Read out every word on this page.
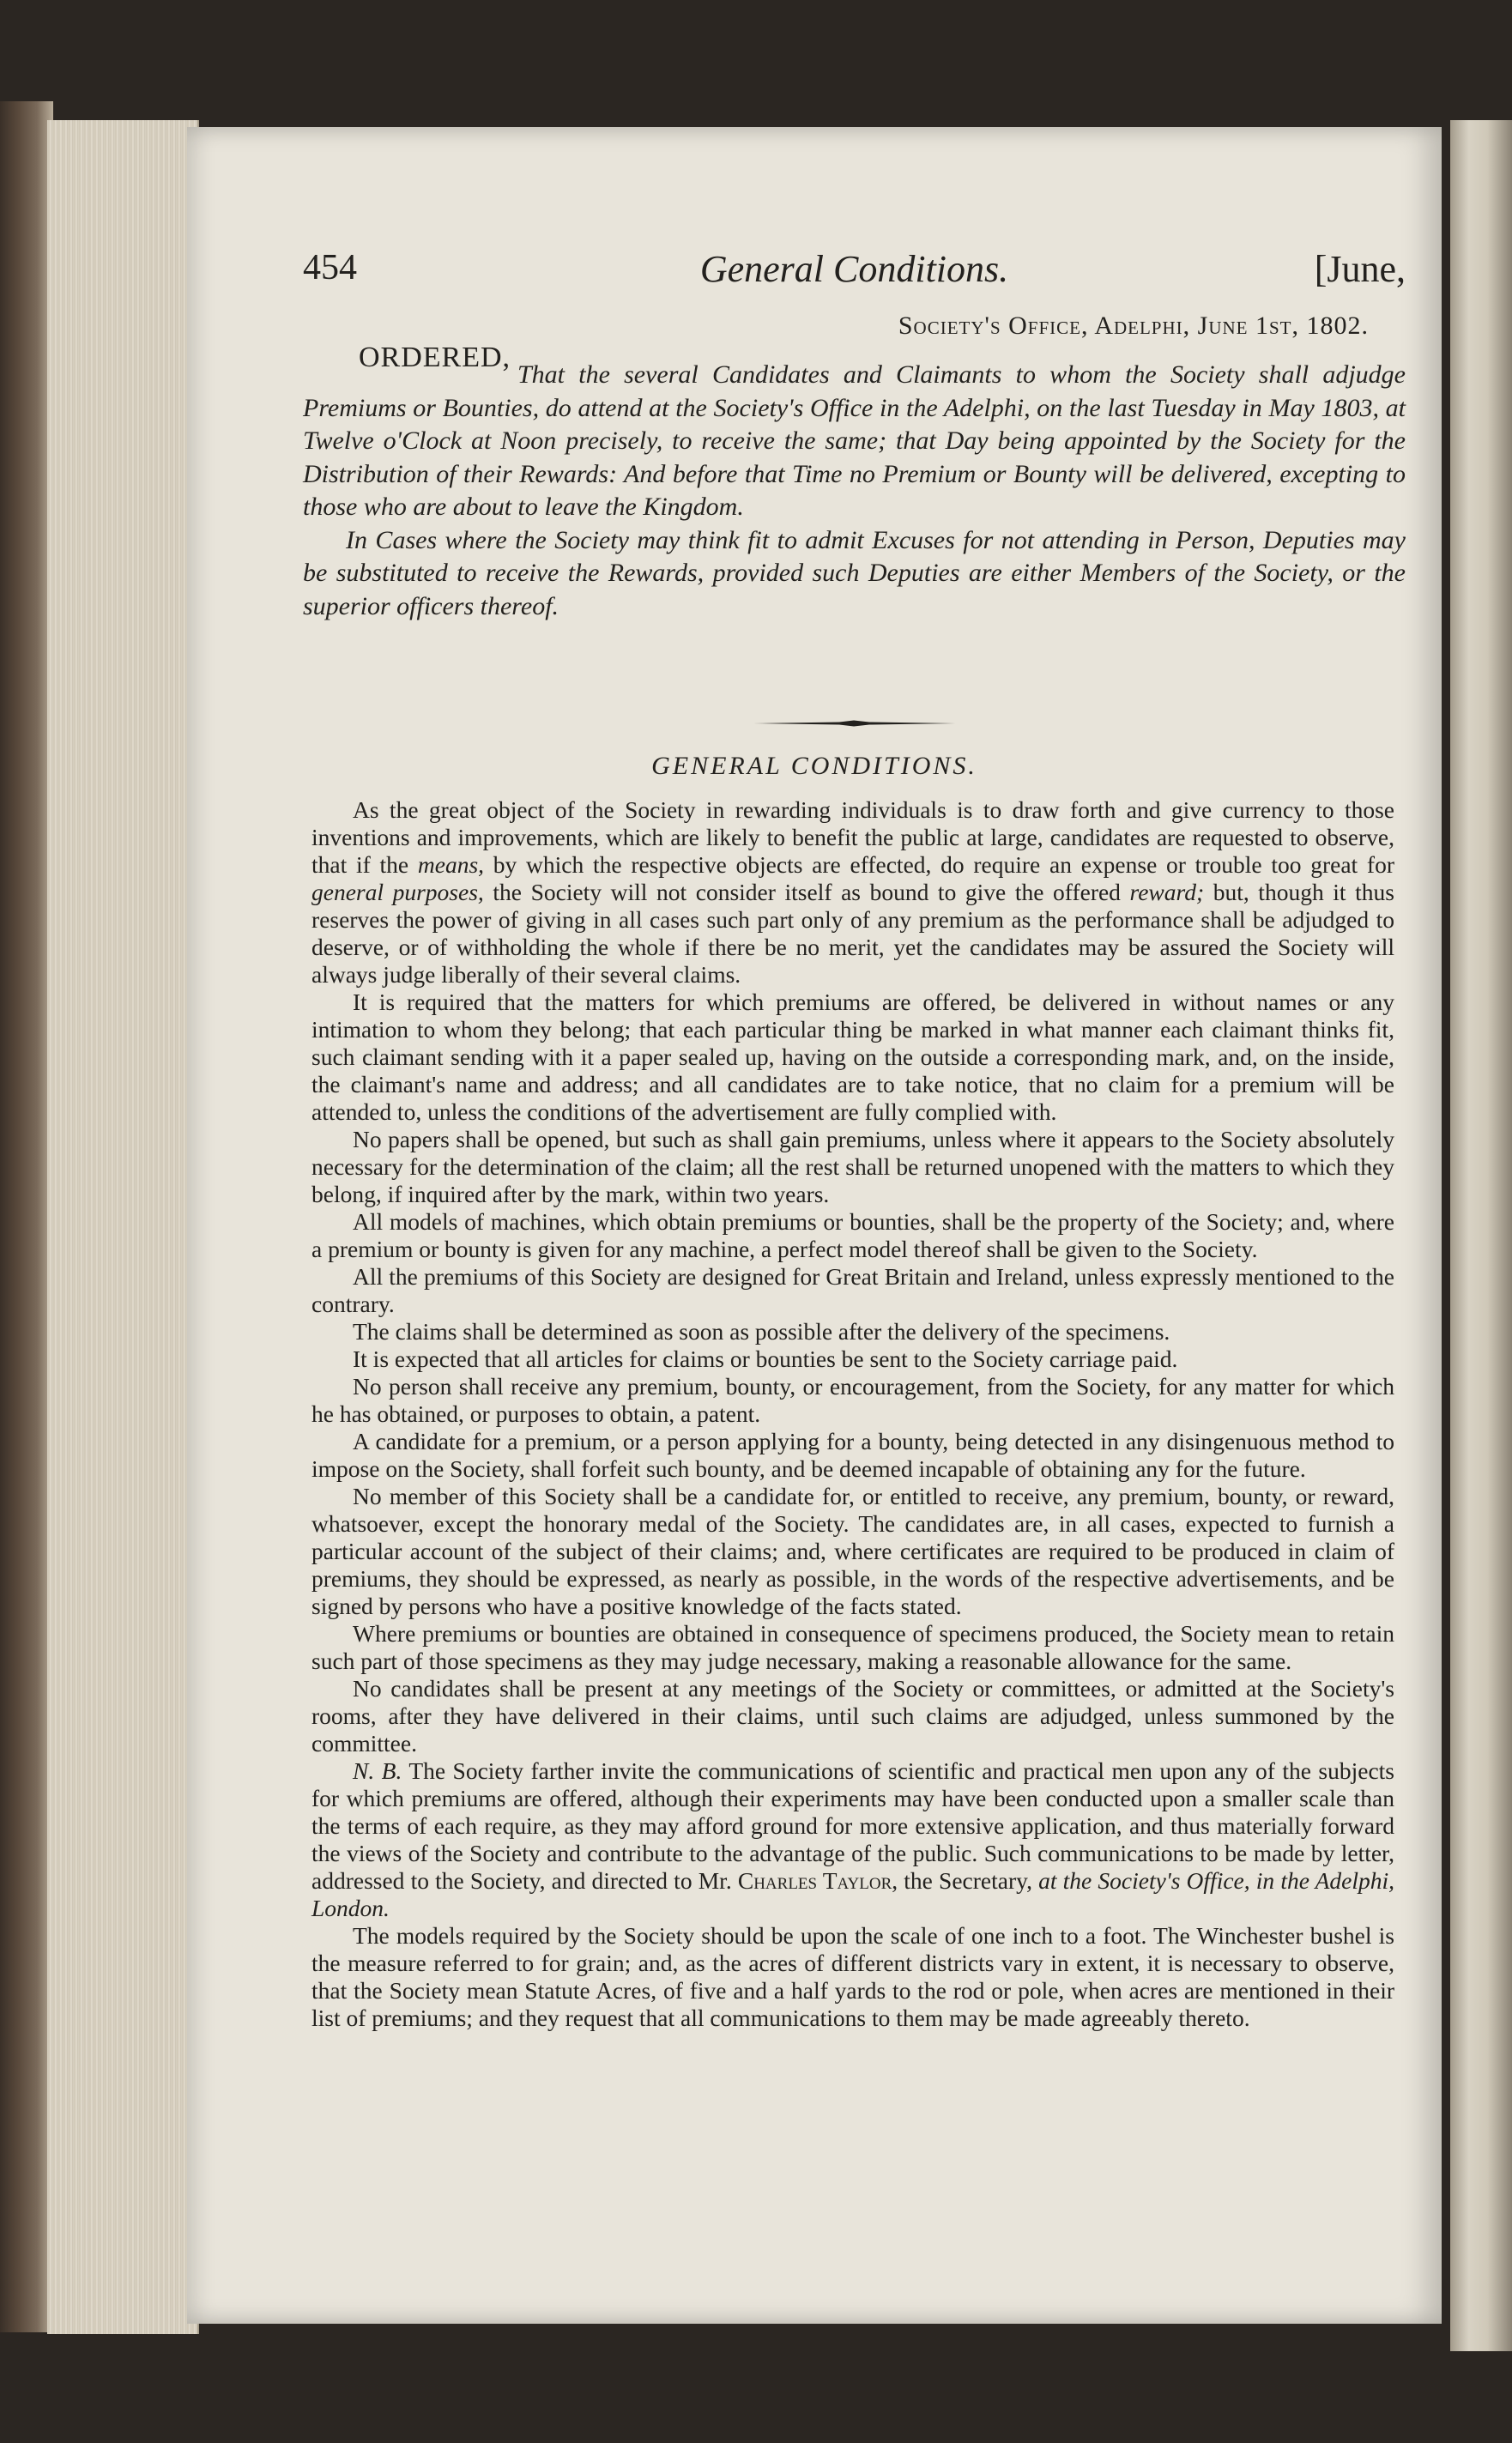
454	General Conditions.	[June,
Society's Office, Adelphi, June 1st, 1802.
ORDERED,

That the several Candidates and Claimants to whom the Society shall adjudge Premiums or Bounties, do attend at the Society's Office in the Adelphi, on the last Tuesday in May 1803, at Twelve o'Clock at Noon precisely, to receive the same; that Day being appointed by the Society for the Distribution of their Rewards: And before that Time no Premium or Bounty will be delivered, excepting to those who are about to leave the Kingdom.

In Cases where the Society may think fit to admit Excuses for not attending in Person, Deputies may be substituted to receive the Rewards, provided such Deputies are either Members of the Society, or the superior officers thereof.

GENERAL CONDITIONS.

As the great object of the Society in rewarding individuals is to draw forth and give currency to those inventions and improvements, which are likely to benefit the public at large, candidates are requested to observe, that if the means, by which the respective objects are effected, do require an expense or trouble too great for general purposes, the Society will not consider itself as bound to give the offered reward; but, though it thus reserves the power of giving in all cases such part only of any premium as the performance shall be adjudged to deserve, or of withholding the whole if there be no merit, yet the candidates may be assured the Society will always judge liberally of their several claims.

It is required that the matters for which premiums are offered, be delivered in without names or any intimation to whom they belong; that each particular thing be marked in what manner each claimant thinks fit, such claimant sending with it a paper sealed up, having on the outside a corresponding mark, and, on the inside, the claimant's name and address; and all candidates are to take notice, that no claim for a premium will be attended to, unless the conditions of the advertisement are fully complied with.

No papers shall be opened, but such as shall gain premiums, unless where it appears to the Society absolutely necessary for the determination of the claim; all the rest shall be returned unopened with the matters to which they belong, if inquired after by the mark, within two years.

All models of machines, which obtain premiums or bounties, shall be the property of the Society; and, where a premium or bounty is given for any machine, a perfect model thereof shall be given to the Society.

All the premiums of this Society are designed for Great Britain and Ireland, unless expressly mentioned to the contrary.

The claims shall be determined as soon as possible after the delivery of the specimens.

It is expected that all articles for claims or bounties be sent to the Society carriage paid.

No person shall receive any premium, bounty, or encouragement, from the Society, for any matter for which he has obtained, or purposes to obtain, a patent.

A candidate for a premium, or a person applying for a bounty, being detected in any disingenuous method to impose on the Society, shall forfeit such bounty, and be deemed incapable of obtaining any for the future.

No member of this Society shall be a candidate for, or entitled to receive, any premium, bounty, or reward, whatsoever, except the honorary medal of the Society. The candidates are, in all cases, expected to furnish a particular account of the subject of their claims; and, where certificates are required to be produced in claim of premiums, they should be expressed, as nearly as possible, in the words of the respective advertisements, and be signed by persons who have a positive knowledge of the facts stated.

Where premiums or bounties are obtained in consequence of specimens produced, the Society mean to retain such part of those specimens as they may judge necessary, making a reasonable allowance for the same.

No candidates shall be present at any meetings of the Society or committees, or admitted at the Society's rooms, after they have delivered in their claims, until such claims are adjudged, unless summoned by the committee.

N. B. The Society farther invite the communications of scientific and practical men upon any of the subjects for which premiums are offered, although their experiments may have been conducted upon a smaller scale than the terms of each require, as they may afford ground for more extensive application, and thus materially forward the views of the Society and contribute to the advantage of the public. Such communications to be made by letter, addressed to the Society, and directed to Mr. Charles Taylor, the Secretary, at the Society's Office, in the Adelphi, London.

The models required by the Society should be upon the scale of one inch to a foot. The Winchester bushel is the measure referred to for grain; and, as the acres of different districts vary in extent, it is necessary to observe, that the Society mean Statute Acres, of five and a half yards to the rod or pole, when acres are mentioned in their list of premiums; and they request that all communications to them may be made agreeably thereto.
